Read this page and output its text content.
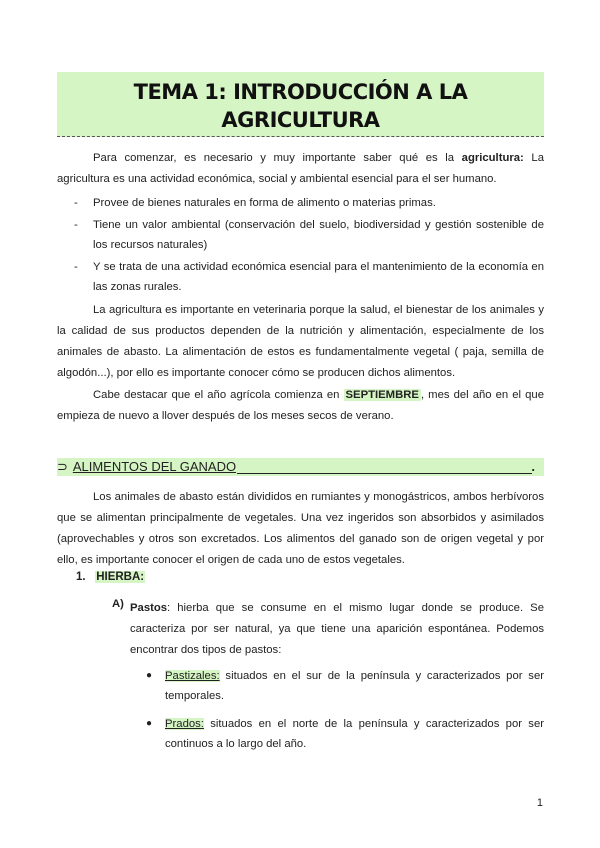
TEMA 1: INTRODUCCIÓN A LA
AGRICULTURA

Para comenzar, es necesario y muy importante saber qué es la agricultura: La agricultura es una actividad económica, social y ambiental esencial para el ser humano.

- Provee de bienes naturales en forma de alimento o materias primas.
- Tiene un valor ambiental (conservación del suelo, biodiversidad y gestión sostenible de los recursos naturales)
- Y se trata de una actividad económica esencial para el mantenimiento de la economía en las zonas rurales.

La agricultura es importante en veterinaria porque la salud, el bienestar de los animales y la calidad de sus productos dependen de la nutrición y alimentación, especialmente de los animales de abasto. La alimentación de estos es fundamentalmente vegetal ( paja, semilla de algodón...), por ello es importante conocer cómo se producen dichos alimentos.

Cabe destacar que el año agrícola comienza en SEPTIEMBRE , mes del año en el que empieza de nuevo a llover después de los meses secos de verano.

⊃ ALIMENTOS DEL GANADO	.

Los animales de abasto están divididos en rumiantes y monogástricos, ambos herbívoros que se alimentan principalmente de vegetales. Una vez ingeridos son absorbidos y asimilados (aprovechables y otros son excretados. Los alimentos del ganado son de origen vegetal y por ello, es importante conocer el origen de cada uno de estos vegetales.

1. HIERBA:
A) Pastos: hierba que se consume en el mismo lugar donde se produce. Se caracteriza por ser natural, ya que tiene una aparición espontánea. Podemos encontrar dos tipos de pastos:

● Pastizales: situados en el sur de la península y caracterizados por ser temporales.
● Prados: situados en el norte de la península y caracterizados por ser continuos a lo largo del año.
1
